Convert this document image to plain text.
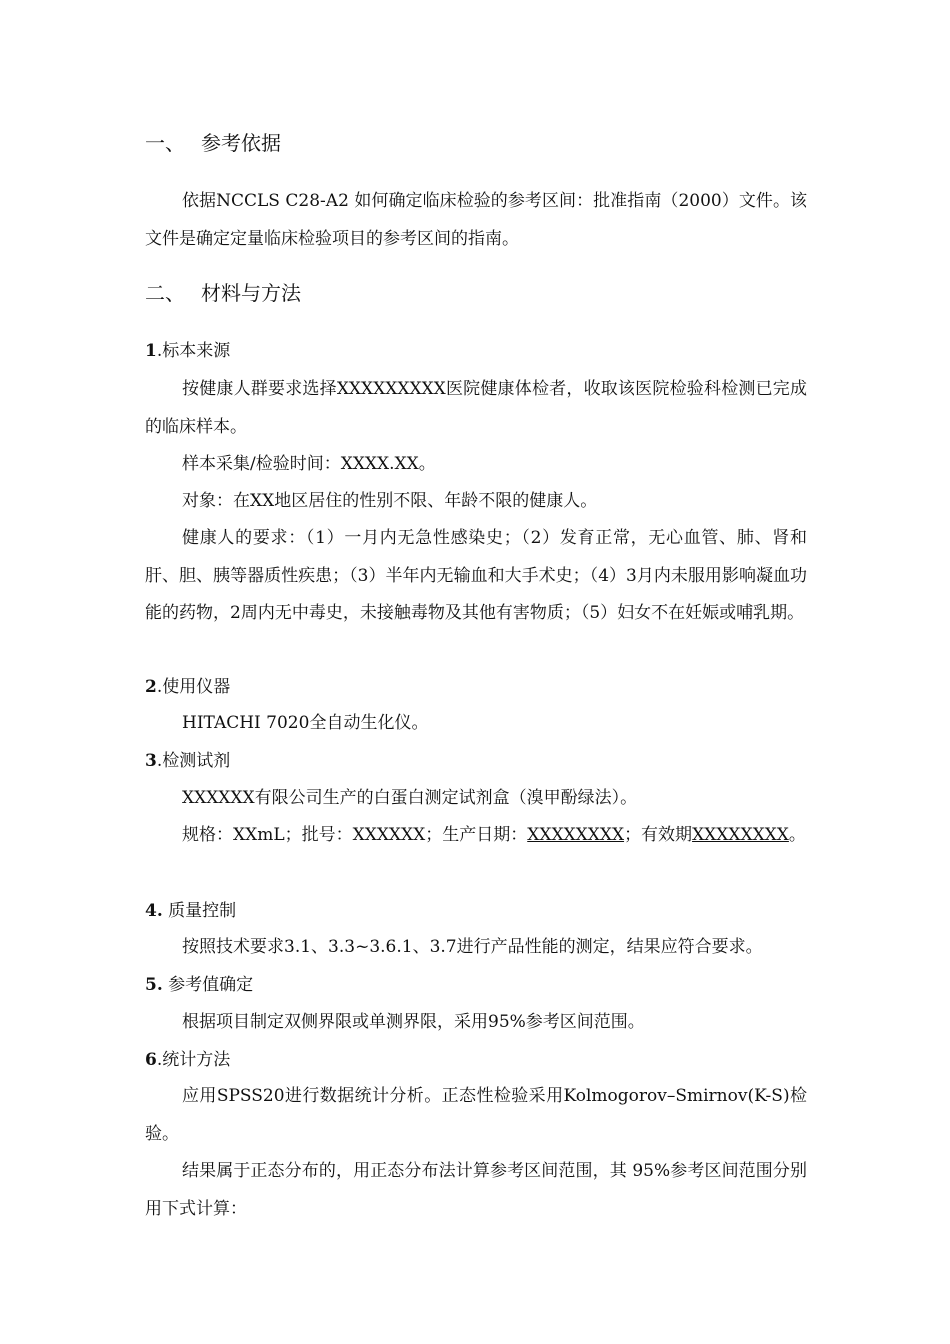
一、 参考依据

依据NCCLS C28-A2 如何确定临床检验的参考区间：批准指南（2000）文件。该文件是确定定量临床检验项目的参考区间的指南。

二、 材料与方法
1.标本来源

按健康人群要求选择XXXXXXXXX医院健康体检者，收取该医院检验科检测已完成的临床样本。

样本采集/检验时间：XXXX.XX。

对象：在XX地区居住的性别不限、年龄不限的健康人。

健康人的要求：（1）一月内无急性感染史；（2）发育正常，无心血管、肺、肾和肝、胆、胰等器质性疾患；（3）半年内无输血和大手术史；（4）3月内未服用影响凝血功能的药物，2周内无中毒史，未接触毒物及其他有害物质；（5）妇女不在妊娠或哺乳期。

2.使用仪器

HITACHI 7020全自动生化仪。

3.检测试剂

XXXXXX有限公司生产的白蛋白测定试剂盒（溴甲酚绿法）。

规格：XXmL；批号：XXXXXX；生产日期：XXXXXXXX；有效期XXXXXXXX。

4. 质量控制

按照技术要求3.1、3.3~3.6.1、3.7进行产品性能的测定，结果应符合要求。

5. 参考值确定

根据项目制定双侧界限或单测界限，采用95%参考区间范围。

6.统计方法

应用SPSS20进行数据统计分析。正态性检验采用Kolmogorov–Smirnov(K-S)检验。

结果属于正态分布的，用正态分布法计算参考区间范围，其 95%参考区间范围分别用下式计算：
